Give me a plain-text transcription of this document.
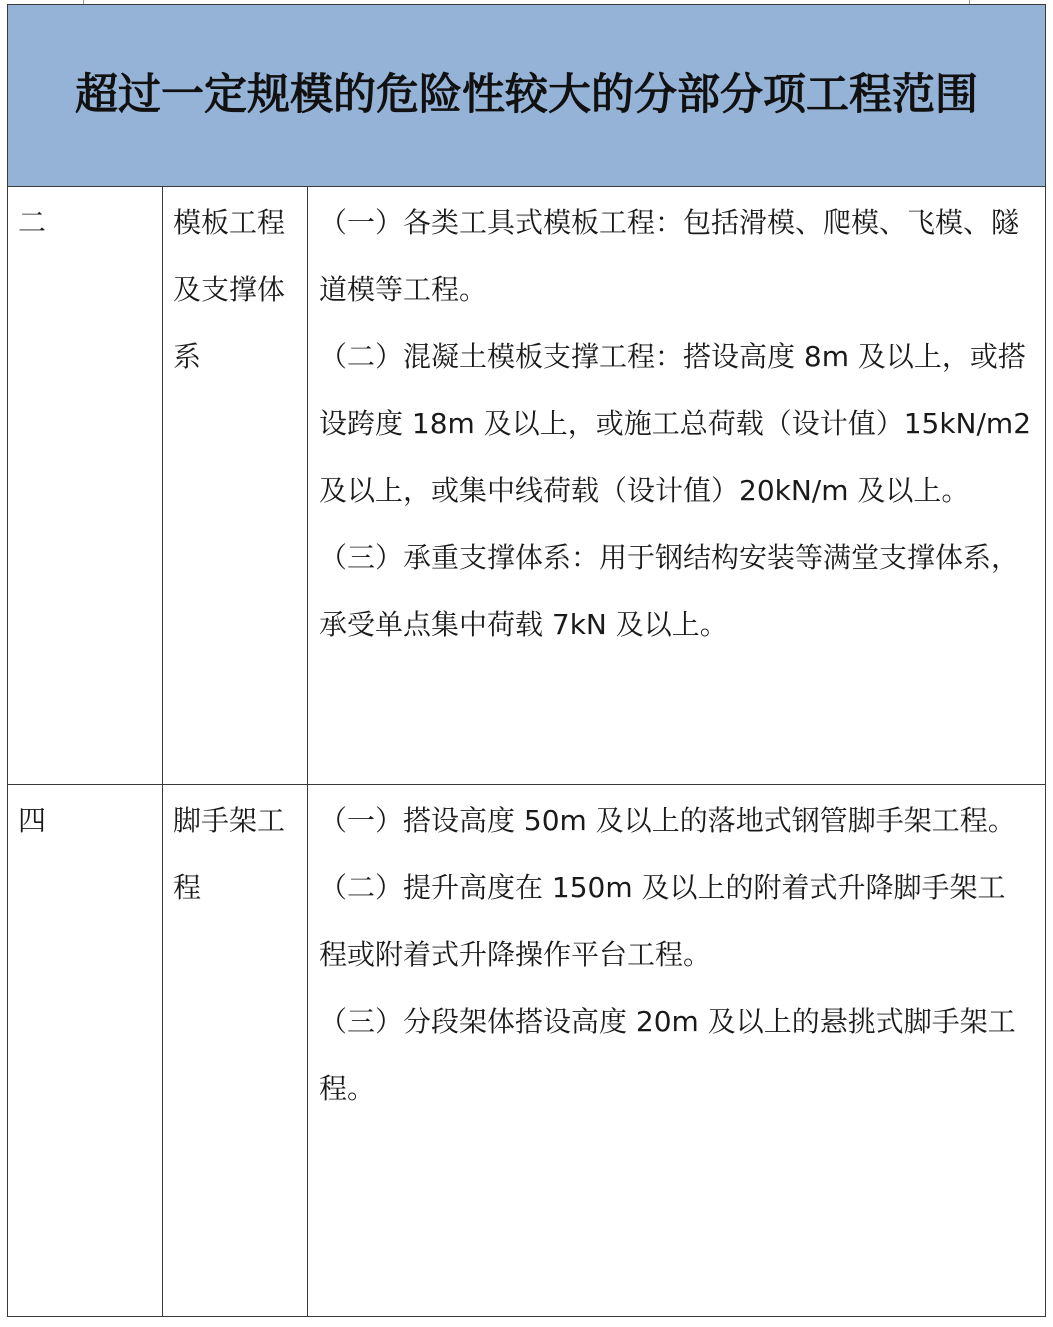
超过一定规模的危险性较大的分部分项工程范围		

二	模板工程及支撑体系	（一）各类工具式模板工程：包括滑模、爬模、飞模、隧道模等工程。
（二）混凝土模板支撑工程：搭设高度 8m 及以上，或搭设跨度 18m 及以上，或施工总荷载（设计值）15kN/m2 及以上，或集中线荷载（设计值）20kN/m 及以上。
（三）承重支撑体系：用于钢结构安装等满堂支撑体系，承受单点集中荷载 7kN 及以上。

四	脚手架工程	（一）搭设高度 50m 及以上的落地式钢管脚手架工程。
（二）提升高度在 150m 及以上的附着式升降脚手架工程或附着式升降操作平台工程。
（三）分段架体搭设高度 20m 及以上的悬挑式脚手架工程。
